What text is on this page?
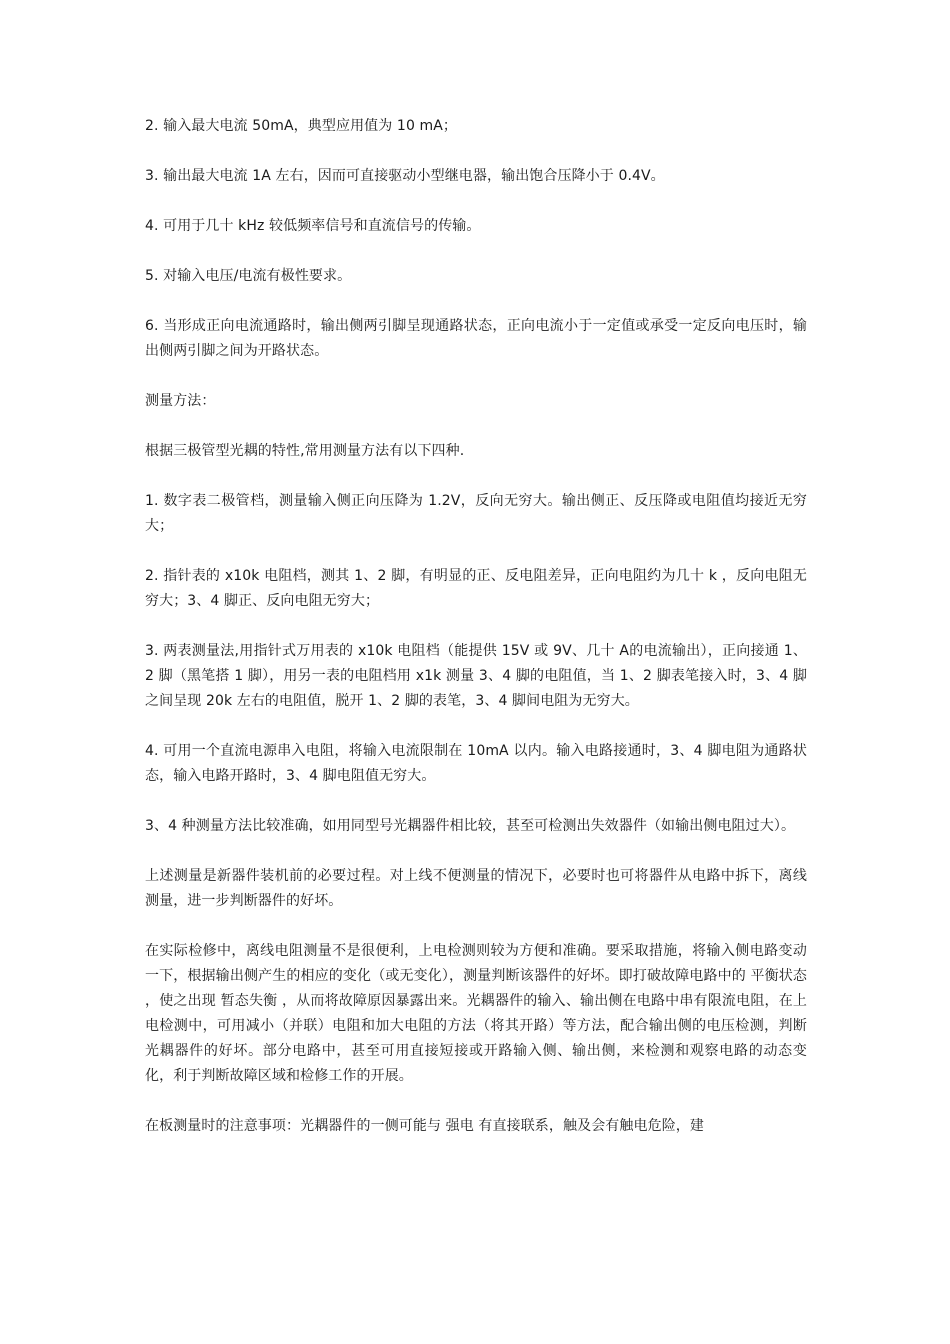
2. 输入最大电流 50mA，典型应用值为 10 mA；

3. 输出最大电流 1A 左右，因而可直接驱动小型继电器，输出饱合压降小于 0.4V。

4. 可用于几十 kHz 较低频率信号和直流信号的传输。

5. 对输入电压/电流有极性要求。

6. 当形成正向电流通路时，输出侧两引脚呈现通路状态，正向电流小于一定值或承受一定反向电压时，输出侧两引脚之间为开路状态。

测量方法：

根据三极管型光耦的特性,常用测量方法有以下四种.

1. 数字表二极管档，测量输入侧正向压降为 1.2V，反向无穷大。输出侧正、反压降或电阻值均接近无穷大；

2. 指针表的 x10k 电阻档，测其 1、2 脚，有明显的正、反电阻差异，正向电阻约为几十 k ，反向电阻无穷大；3、4 脚正、反向电阻无穷大；

3. 两表测量法,用指针式万用表的 x10k 电阻档（能提供 15V 或 9V、几十 A的电流输出），正向接通 1、2 脚（黑笔搭 1 脚），用另一表的电阻档用 x1k 测量 3、4 脚的电阻值，当 1、2 脚表笔接入时，3、4 脚之间呈现 20k 左右的电阻值，脱开 1、2 脚的表笔，3、4 脚间电阻为无穷大。

4. 可用一个直流电源串入电阻，将输入电流限制在 10mA 以内。输入电路接通时，3、4 脚电阻为通路状态，输入电路开路时，3、4 脚电阻值无穷大。

3、4 种测量方法比较准确，如用同型号光耦器件相比较，甚至可检测出失效器件（如输出侧电阻过大）。

上述测量是新器件装机前的必要过程。对上线不便测量的情况下，必要时也可将器件从电路中拆下，离线测量，进一步判断器件的好坏。

在实际检修中，离线电阻测量不是很便利，上电检测则较为方便和准确。要采取措施，将输入侧电路变动一下，根据输出侧产生的相应的变化（或无变化），测量判断该器件的好坏。即打破故障电路中的 平衡状态 ，使之出现 暂态失衡 ，从而将故障原因暴露出来。光耦器件的输入、输出侧在电路中串有限流电阻，在上电检测中，可用减小（并联）电阻和加大电阻的方法（将其开路）等方法，配合输出侧的电压检测，判断光耦器件的好坏。部分电路中，甚至可用直接短接或开路输入侧、输出侧，来检测和观察电路的动态变化，利于判断故障区域和检修工作的开展。

在板测量时的注意事项：光耦器件的一侧可能与 强电 有直接联系，触及会有触电危险，建
